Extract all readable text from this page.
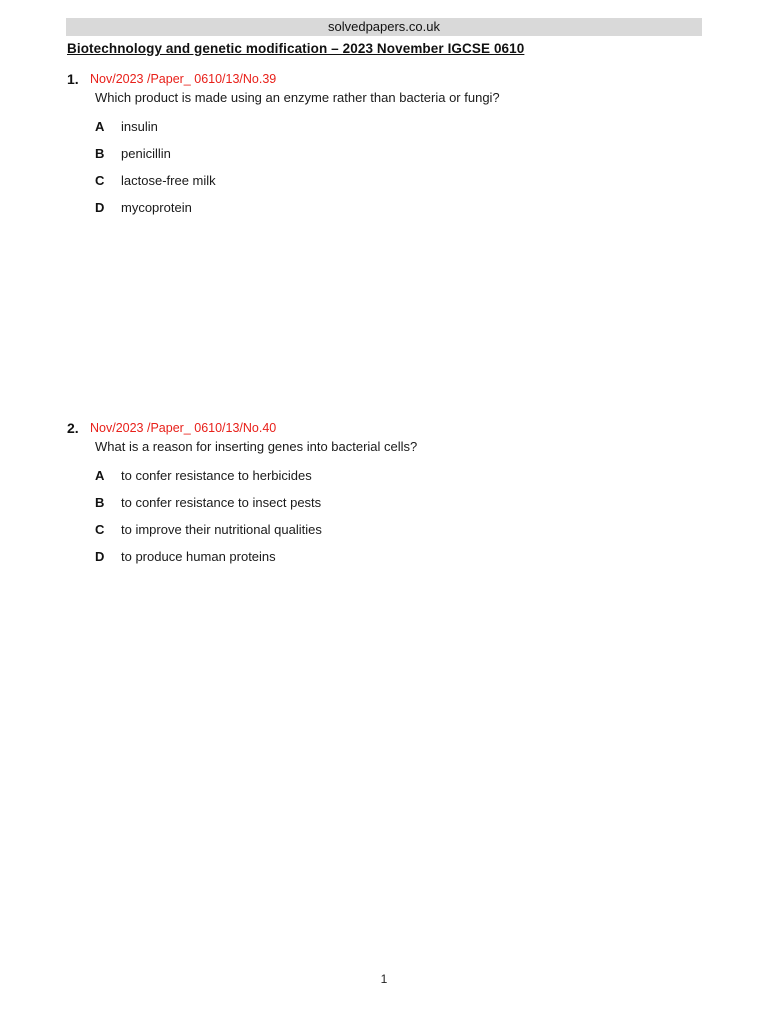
solvedpapers.co.uk
Biotechnology and genetic modification – 2023 November IGCSE 0610
1. Nov/2023 /Paper_ 0610/13/No.39
Which product is made using an enzyme rather than bacteria or fungi?
A insulin
B penicillin
C lactose-free milk
D mycoprotein
2. Nov/2023 /Paper_ 0610/13/No.40
What is a reason for inserting genes into bacterial cells?
A to confer resistance to herbicides
B to confer resistance to insect pests
C to improve their nutritional qualities
D to produce human proteins
1
